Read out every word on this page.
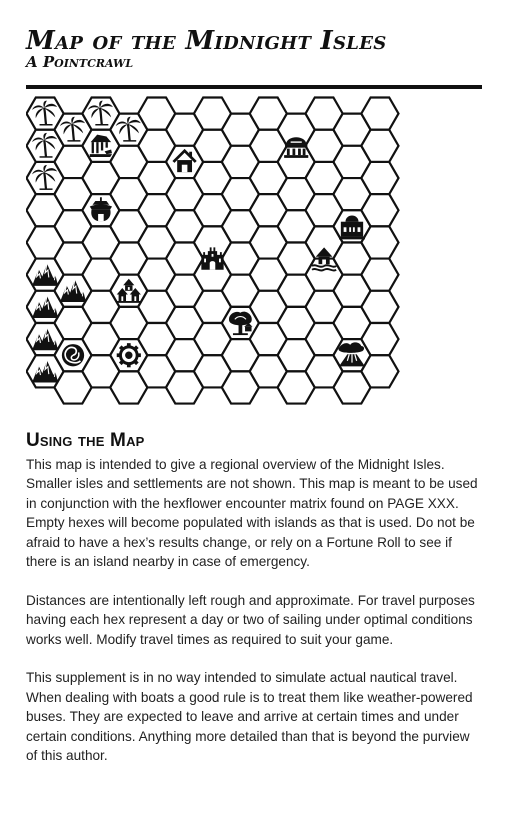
Map of the Midnight Isles
A Pointcrawl
Using the Map

This map is intended to give a regional overview of the Midnight Isles. Smaller isles and settlements are not shown. This map is meant to be used in conjunction with the hexflower encounter matrix found on PAGE XXX. Empty hexes will become populated with islands as that is used. Do not be afraid to have a hex’s results change, or rely on a Fortune Roll to see if there is an island nearby in case of emergency.

Distances are intentionally left rough and approximate. For travel purposes having each hex represent a day or two of sailing under optimal conditions works well. Modify travel times as required to suit your game.

This supplement is in no way intended to simulate actual nautical travel. When dealing with boats a good rule is to treat them like weather-powered buses. They are expected to leave and arrive at certain times and under certain conditions. Anything more detailed than that is beyond the purview of this author.
